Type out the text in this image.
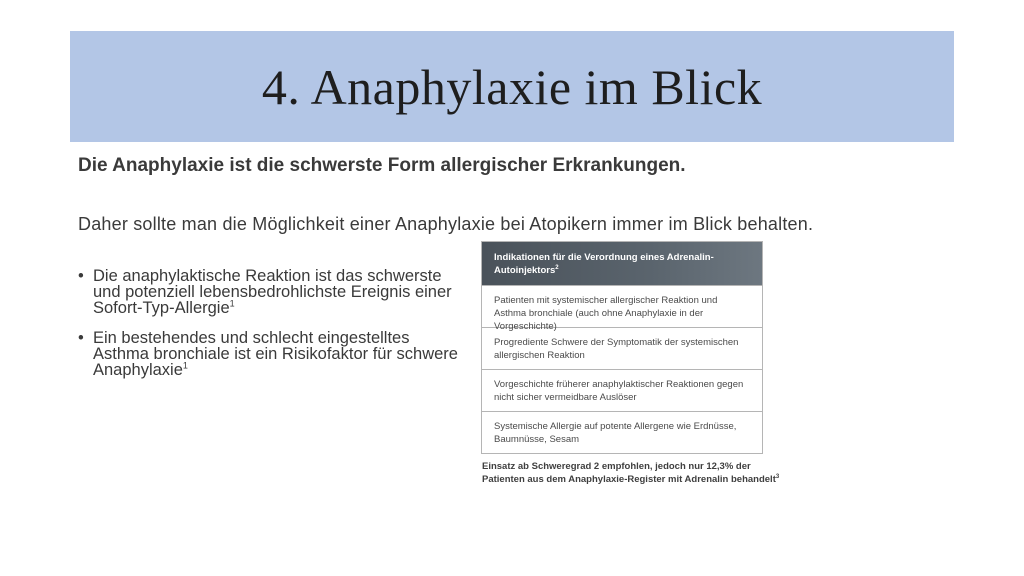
4. Anaphylaxie im Blick

Die Anaphylaxie ist die schwerste Form allergischer Erkrankungen.

Daher sollte man die Möglichkeit einer Anaphylaxie bei Atopikern immer im Blick behalten.

• Die anaphylaktische Reaktion ist das schwerste und potenziell lebensbedrohlichste Ereignis einer Sofort-Typ-Allergie$^1$
• Ein bestehendes und schlecht eingestelltes Asthma bronchiale ist ein Risikofaktor für schwere Anaphylaxie$^1$
Indikationen für die Verordnung eines Adrenalin-Autoinjektors$^2$
Patienten mit systemischer allergischer Reaktion und Asthma bronchiale (auch ohne Anaphylaxie in der Vorgeschichte)
Progrediente Schwere der Symptomatik der systemischen allergischen Reaktion
Vorgeschichte früherer anaphylaktischer Reaktionen gegen nicht sicher vermeidbare Auslöser
Systemische Allergie auf potente Allergene wie Erdnüsse, Baumnüsse, Sesam

Einsatz ab Schweregrad 2 empfohlen, jedoch nur 12,3% der Patienten aus dem Anaphylaxie-Register mit Adrenalin behandelt$^3$
